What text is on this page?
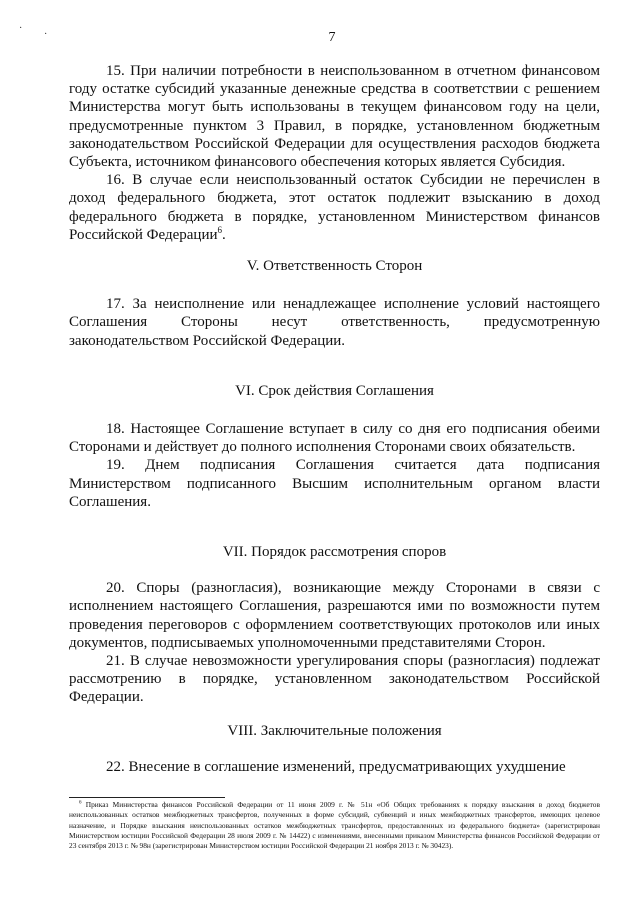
·
·	7

15. При наличии потребности в неиспользованном в отчетном финансовом году остатке субсидий указанные денежные средства в соответствии с решением Министерства могут быть использованы в текущем финансовом году на цели, предусмотренные пунктом 3 Правил, в порядке, установленном бюджетным законодательством Российской Федерации для осуществления расходов бюджета Субъекта, источником финансового обеспечения которых является Субсидия.

16. В случае если неиспользованный остаток Субсидии не перечислен в доход федерального бюджета, этот остаток подлежит взысканию в доход федерального бюджета в порядке, установленном Министерством финансов Российской Федерации$^6$.

V. Ответственность Сторон

17. За неисполнение или ненадлежащее исполнение условий настоящего Соглашения Стороны несут ответственность, предусмотренную законодательством Российской Федерации.

VI. Срок действия Соглашения

18. Настоящее Соглашение вступает в силу со дня его подписания обеими Сторонами и действует до полного исполнения Сторонами своих обязательств.

19. Днем подписания Соглашения считается дата подписания Министерством подписанного Высшим исполнительным органом власти Соглашения.

VII. Порядок рассмотрения споров

20. Споры (разногласия), возникающие между Сторонами в связи с исполнением настоящего Соглашения, разрешаются ими по возможности путем проведения переговоров с оформлением соответствующих протоколов или иных документов, подписываемых уполномоченными представителями Сторон.

21. В случае невозможности урегулирования споры (разногласия) подлежат рассмотрению в порядке, установленном законодательством Российской Федерации.

VIII. Заключительные положения

22. Внесение в соглашение изменений, предусматривающих ухудшение

$^6$ Приказ Министерства финансов Российской Федерации от 11 июня 2009 г. № 51н «Об Общих требованиях к порядку взыскания в доход бюджетов неиспользованных остатков межбюджетных трансфертов, полученных в форме субсидий, субвенций и иных межбюджетных трансфертов, имеющих целевое назначение, и Порядке взыскания неиспользованных остатков межбюджетных трансфертов, предоставленных из федерального бюджета» (зарегистрирован Министерством юстиции Российской Федерации 28 июля 2009 г. № 14422) с изменениями, внесенными приказом Министерства финансов Российской Федерации от 23 сентября 2013 г. № 98н (зарегистрирован Министерством юстиции Российской Федерации 21 ноября 2013 г. № 30423).
